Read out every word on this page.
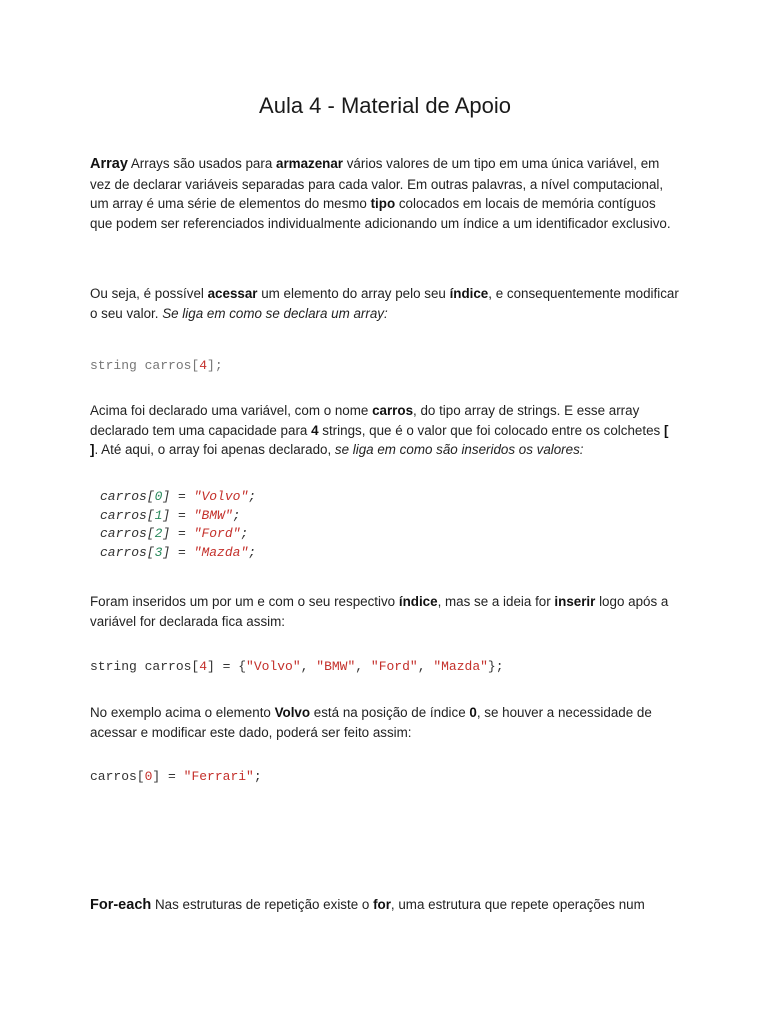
Aula 4 - Material de Apoio

Array Arrays são usados para armazenar vários valores de um tipo em uma única variável, em vez de declarar variáveis separadas para cada valor. Em outras palavras, a nível computacional, um array é uma série de elementos do mesmo tipo colocados em locais de memória contíguos que podem ser referenciados individualmente adicionando um índice a um identificador exclusivo.

Ou seja, é possível acessar um elemento do array pelo seu índice, e consequentemente modificar o seu valor. Se liga em como se declara um array:

string carros[4];

Acima foi declarado uma variável, com o nome carros, do tipo array de strings. E esse array declarado tem uma capacidade para 4 strings, que é o valor que foi colocado entre os colchetes [ ]. Até aqui, o array foi apenas declarado, se liga em como são inseridos os valores:

carros[0] = "Volvo";
carros[1] = "BMW";
carros[2] = "Ford";
carros[3] = "Mazda";

Foram inseridos um por um e com o seu respectivo índice, mas se a ideia for inserir logo após a variável for declarada fica assim:

string carros[4] = {"Volvo", "BMW", "Ford", "Mazda"};

No exemplo acima o elemento Volvo está na posição de índice 0, se houver a necessidade de acessar e modificar este dado, poderá ser feito assim:

carros[0] = "Ferrari";

For-each Nas estruturas de repetição existe o for, uma estrutura que repete operações num
